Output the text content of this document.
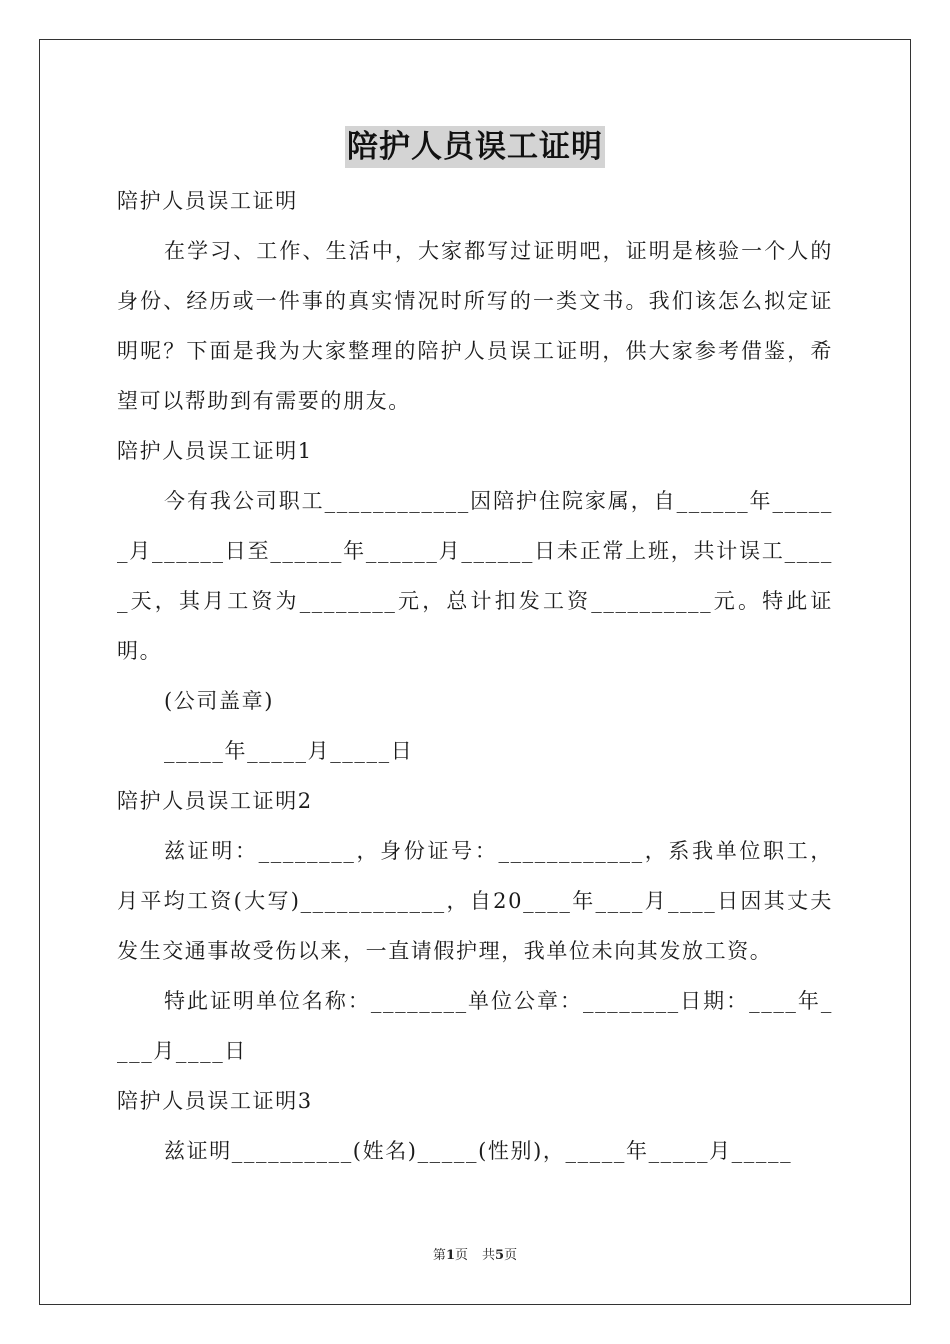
陪护人员误工证明

陪护人员误工证明

在学习、工作、生活中，大家都写过证明吧，证明是核验一个人的身份、经历或一件事的真实情况时所写的一类文书。我们该怎么拟定证明呢？下面是我为大家整理的陪护人员误工证明，供大家参考借鉴，希望可以帮助到有需要的朋友。

陪护人员误工证明1

今有我公司职工____________因陪护住院家属，自______年______月______日至______年______月______日未正常上班，共计误工_____天，其月工资为________元，总计扣发工资__________元。特此证明。

(公司盖章)

_____年_____月_____日

陪护人员误工证明2

兹证明：________，身份证号：____________，系我单位职工，月平均工资(大写)____________，自20____年____月____日因其丈夫发生交通事故受伤以来，一直请假护理，我单位未向其发放工资。

特此证明单位名称：________单位公章：________日期：____年____月____日

陪护人员误工证明3

兹证明__________(姓名)_____(性别)，_____年_____月_____

第1页 共5页
